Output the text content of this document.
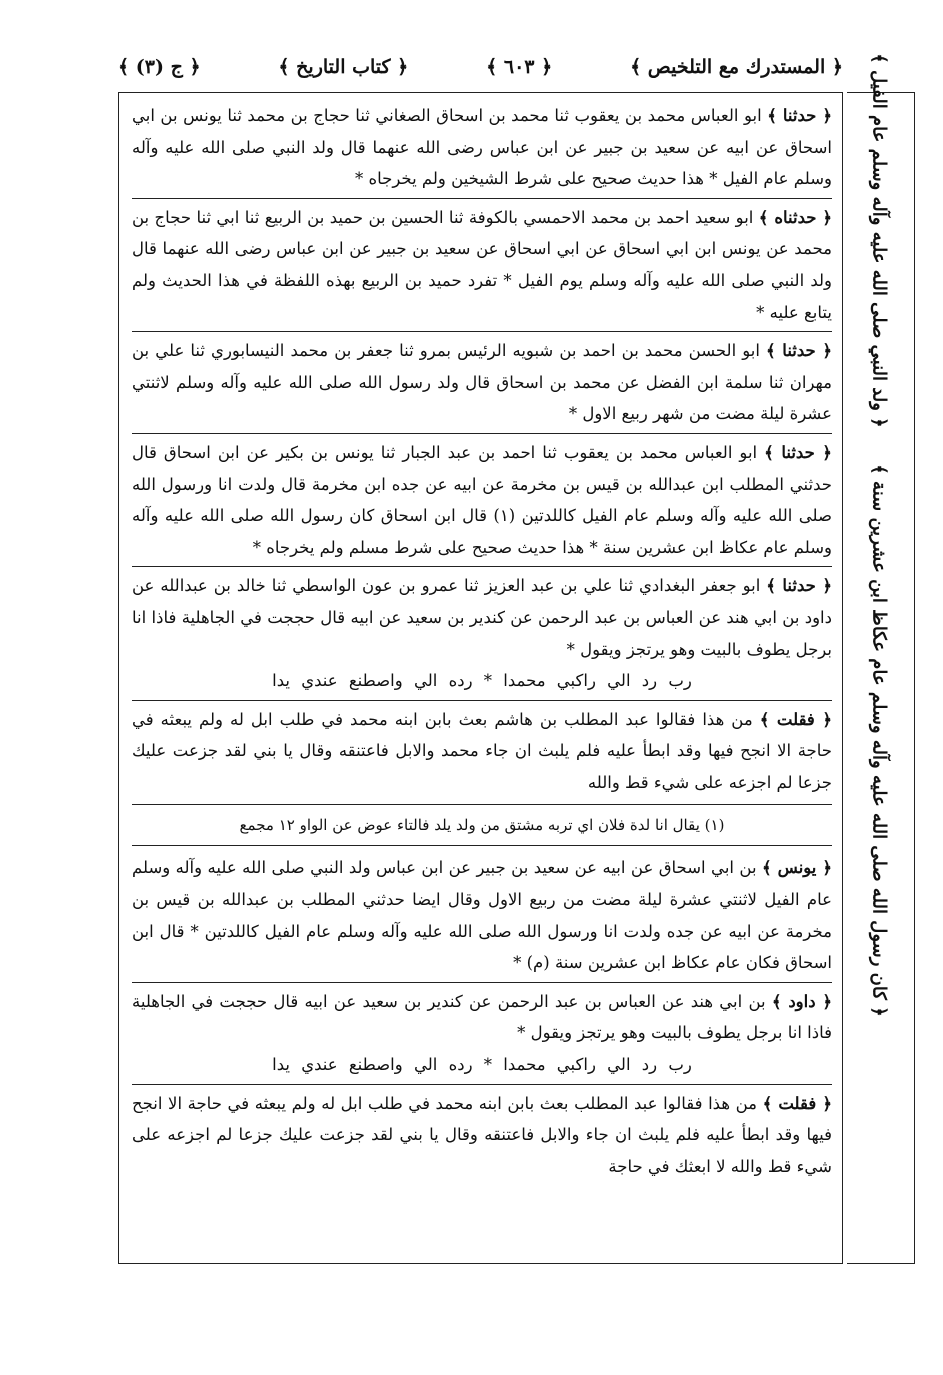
﴿ المستدرك مع التلخيص ﴾
﴿ ٦٠٣ ﴾
﴿ كتاب التاريخ ﴾
﴿ ج (٣) ﴾	﴿ ولد النبي صلى الله عليه وآله وسلم عام الفيل ﴾
﴿ كان رسول الله صلى الله عليه وآله وسلم عام عكاظ ابن عشرين سنة ﴾

﴿ حدثنا ﴾ ابو العباس محمد بن يعقوب ثنا محمد بن اسحاق الصغاني ثنا حجاج بن محمد ثنا يونس بن ابي اسحاق عن ابيه عن سعيد بن جبير عن ابن عباس رضى الله عنهما قال ولد النبي صلى الله عليه وآله وسلم عام الفيل * هذا حديث صحيح على شرط الشيخين ولم يخرجاه *

﴿ حدثناه ﴾ ابو سعيد احمد بن محمد الاحمسي بالكوفة ثنا الحسين بن حميد بن الربيع ثنا ابي ثنا حجاج بن محمد عن يونس ابن ابي اسحاق عن ابي اسحاق عن سعيد بن جبير عن ابن عباس رضى الله عنهما قال ولد النبي صلى الله عليه وآله وسلم يوم الفيل * تفرد حميد بن الربيع بهذه اللفظة في هذا الحديث ولم يتابع عليه *

﴿ حدثنا ﴾ ابو الحسن محمد بن احمد بن شبويه الرئيس بمرو ثنا جعفر بن محمد النيسابوري ثنا علي بن مهران ثنا سلمة ابن الفضل عن محمد بن اسحاق قال ولد رسول الله صلى الله عليه وآله وسلم لاثنتي عشرة ليلة مضت من شهر ربيع الاول *

﴿ حدثنا ﴾ ابو العباس محمد بن يعقوب ثنا احمد بن عبد الجبار ثنا يونس بن بكير عن ابن اسحاق قال حدثني المطلب ابن عبدالله بن قيس بن مخرمة عن ابيه عن جده ابن مخرمة قال ولدت انا ورسول الله صلى الله عليه وآله وسلم عام الفيل كاللدتين (١) قال ابن اسحاق كان رسول الله صلى الله عليه وآله وسلم عام عكاظ ابن عشرين سنة * هذا حديث صحيح على شرط مسلم ولم يخرجاه *

﴿ حدثنا ﴾ ابو جعفر البغدادي ثنا علي بن عبد العزيز ثنا عمرو بن عون الواسطي ثنا خالد بن عبدالله عن داود بن ابي هند عن العباس بن عبد الرحمن عن كندير بن سعيد عن ابيه قال حججت في الجاهلية فاذا انا برجل يطوف بالبيت وهو يرتجز ويقول *

رب رد الي راكبي محمدا * رده الي واصطنع عندي يدا

﴿ فقلت ﴾ من هذا فقالوا عبد المطلب بن هاشم بعث بابن ابنه محمد في طلب ابل له ولم يبعثه في حاجة الا انجح فيها وقد ابطأ عليه فلم يلبث ان جاء محمد والابل فاعتنقه وقال يا بني لقد جزعت عليك جزعا لم اجزعه على شيء قط والله

(١) يقال انا لدة فلان اي تربه مشتق من ولد يلد فالتاء عوض عن الواو ١٢ مجمع

﴿ يونس ﴾ بن ابي اسحاق عن ابيه عن سعيد بن جبير عن ابن عباس ولد النبي صلى الله عليه وآله وسلم عام الفيل لاثنتي عشرة ليلة مضت من ربيع الاول وقال ايضا حدثني المطلب بن عبدالله بن قيس بن مخرمة عن ابيه عن جده ولدت انا ورسول الله صلى الله عليه وآله وسلم عام الفيل كاللدتين * قال ابن اسحاق فكان عام عكاظ ابن عشرين سنة (م) *

﴿ داود ﴾ بن ابي هند عن العباس بن عبد الرحمن عن كندير بن سعيد عن ابيه قال حججت في الجاهلية فاذا انا برجل يطوف بالبيت وهو يرتجز ويقول *

رب رد الي راكبي محمدا * رده الي واصطنع عندي يدا

﴿ فقلت ﴾ من هذا فقالوا عبد المطلب بعث بابن ابنه محمد في طلب ابل له ولم يبعثه في حاجة الا انجح فيها وقد ابطأ عليه فلم يلبث ان جاء والابل فاعتنقه وقال يا بني لقد جزعت عليك جزعا لم اجزعه على شيء قط والله لا ابعثك في حاجة
